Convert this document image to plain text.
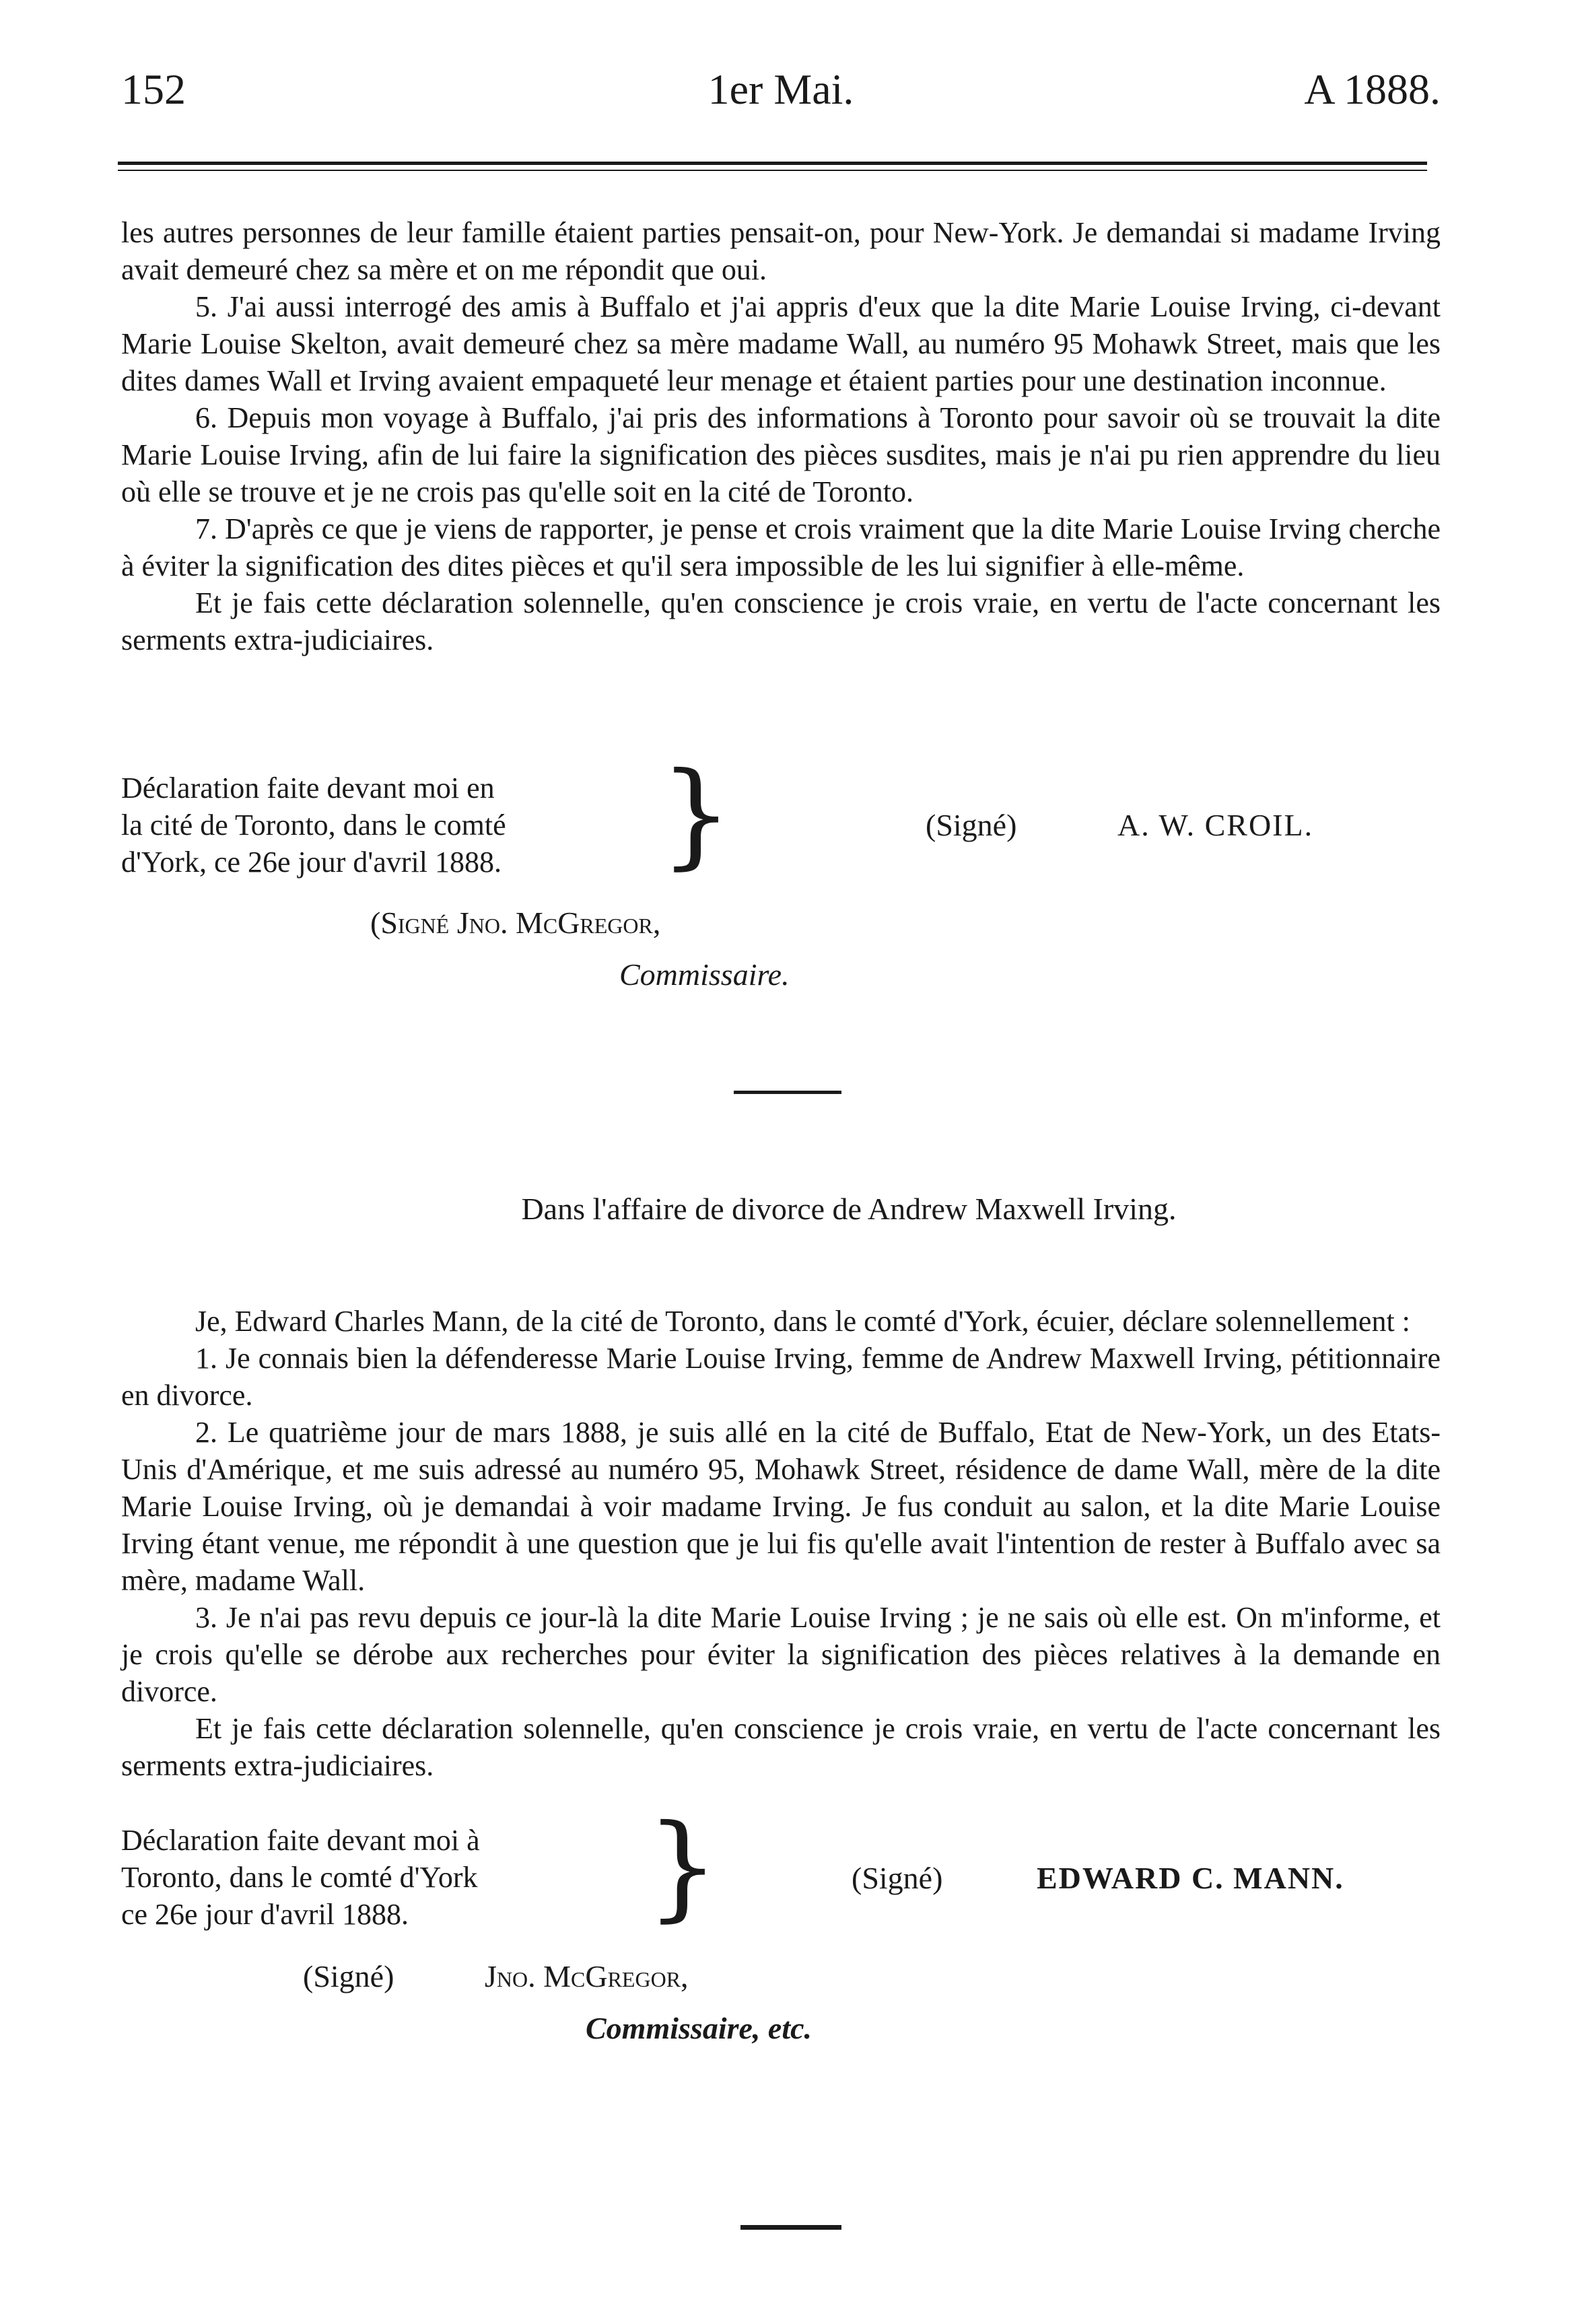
152	1er Mai.	A 1888.

les autres personnes de leur famille étaient parties pensait-on, pour New-York. Je demandai si madame Irving avait demeuré chez sa mère et on me répondit que oui.

5. J'ai aussi interrogé des amis à Buffalo et j'ai appris d'eux que la dite Marie Louise Irving, ci-devant Marie Louise Skelton, avait demeuré chez sa mère madame Wall, au numéro 95 Mohawk Street, mais que les dites dames Wall et Irving avaient empaqueté leur menage et étaient parties pour une destination inconnue.

6. Depuis mon voyage à Buffalo, j'ai pris des informations à Toronto pour savoir où se trouvait la dite Marie Louise Irving, afin de lui faire la signification des pièces susdites, mais je n'ai pu rien apprendre du lieu où elle se trouve et je ne crois pas qu'elle soit en la cité de Toronto.

7. D'après ce que je viens de rapporter, je pense et crois vraiment que la dite Marie Louise Irving cherche à éviter la signification des dites pièces et qu'il sera impossible de les lui signifier à elle-même.

Et je fais cette déclaration solennelle, qu'en conscience je crois vraie, en vertu de l'acte concernant les serments extra-judiciaires.

Déclaration faite devant moi en
la cité de Toronto, dans le comté
d'York, ce 26e jour d'avril 1888.	}	(Signé)	A. W. CROIL.
(Signé Jno. McGregor,
Commissaire.
Dans l'affaire de divorce de Andrew Maxwell Irving.

Je, Edward Charles Mann, de la cité de Toronto, dans le comté d'York, écuier, déclare solennellement :

1. Je connais bien la défenderesse Marie Louise Irving, femme de Andrew Maxwell Irving, pétitionnaire en divorce.

2. Le quatrième jour de mars 1888, je suis allé en la cité de Buffalo, Etat de New-York, un des Etats-Unis d'Amérique, et me suis adressé au numéro 95, Mohawk Street, résidence de dame Wall, mère de la dite Marie Louise Irving, où je demandai à voir madame Irving. Je fus conduit au salon, et la dite Marie Louise Irving étant venue, me répondit à une question que je lui fis qu'elle avait l'intention de rester à Buffalo avec sa mère, madame Wall.

3. Je n'ai pas revu depuis ce jour-là la dite Marie Louise Irving ; je ne sais où elle est. On m'informe, et je crois qu'elle se dérobe aux recherches pour éviter la signification des pièces relatives à la demande en divorce.

Et je fais cette déclaration solennelle, qu'en conscience je crois vraie, en vertu de l'acte concernant les serments extra-judiciaires.

Déclaration faite devant moi à
Toronto, dans le comté d'York
ce 26e jour d'avril 1888.	}	(Signé)	EDWARD C. MANN.
(Signé)	Jno. McGregor,
Commissaire, etc.
